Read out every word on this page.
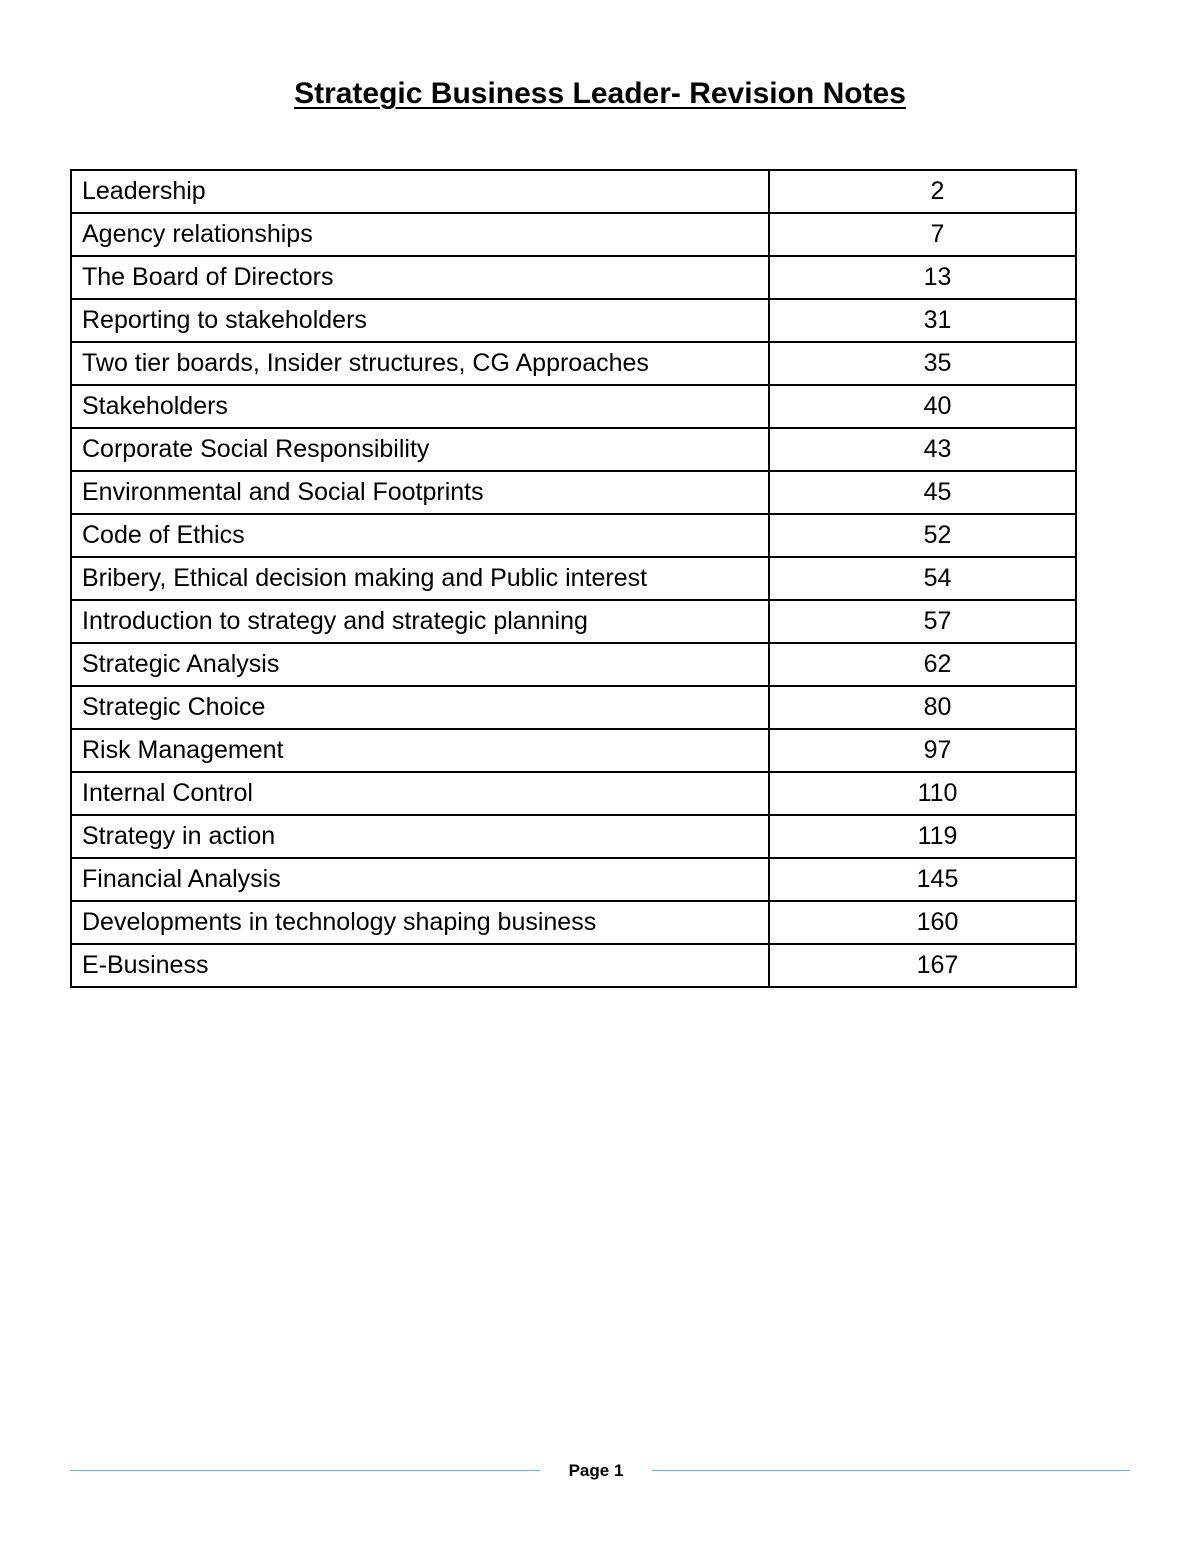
Strategic Business Leader- Revision Notes
Leadership	2
Agency relationships	7
The Board of Directors	13
Reporting to stakeholders	31
Two tier boards, Insider structures, CG Approaches	35
Stakeholders	40
Corporate Social Responsibility	43
Environmental and Social Footprints	45
Code of Ethics	52
Bribery, Ethical decision making and Public interest	54
Introduction to strategy and strategic planning	57
Strategic Analysis	62
Strategic Choice	80
Risk Management	97
Internal Control	110
Strategy in action	119
Financial Analysis	145
Developments in technology shaping business	160
E-Business	167
Page 1
